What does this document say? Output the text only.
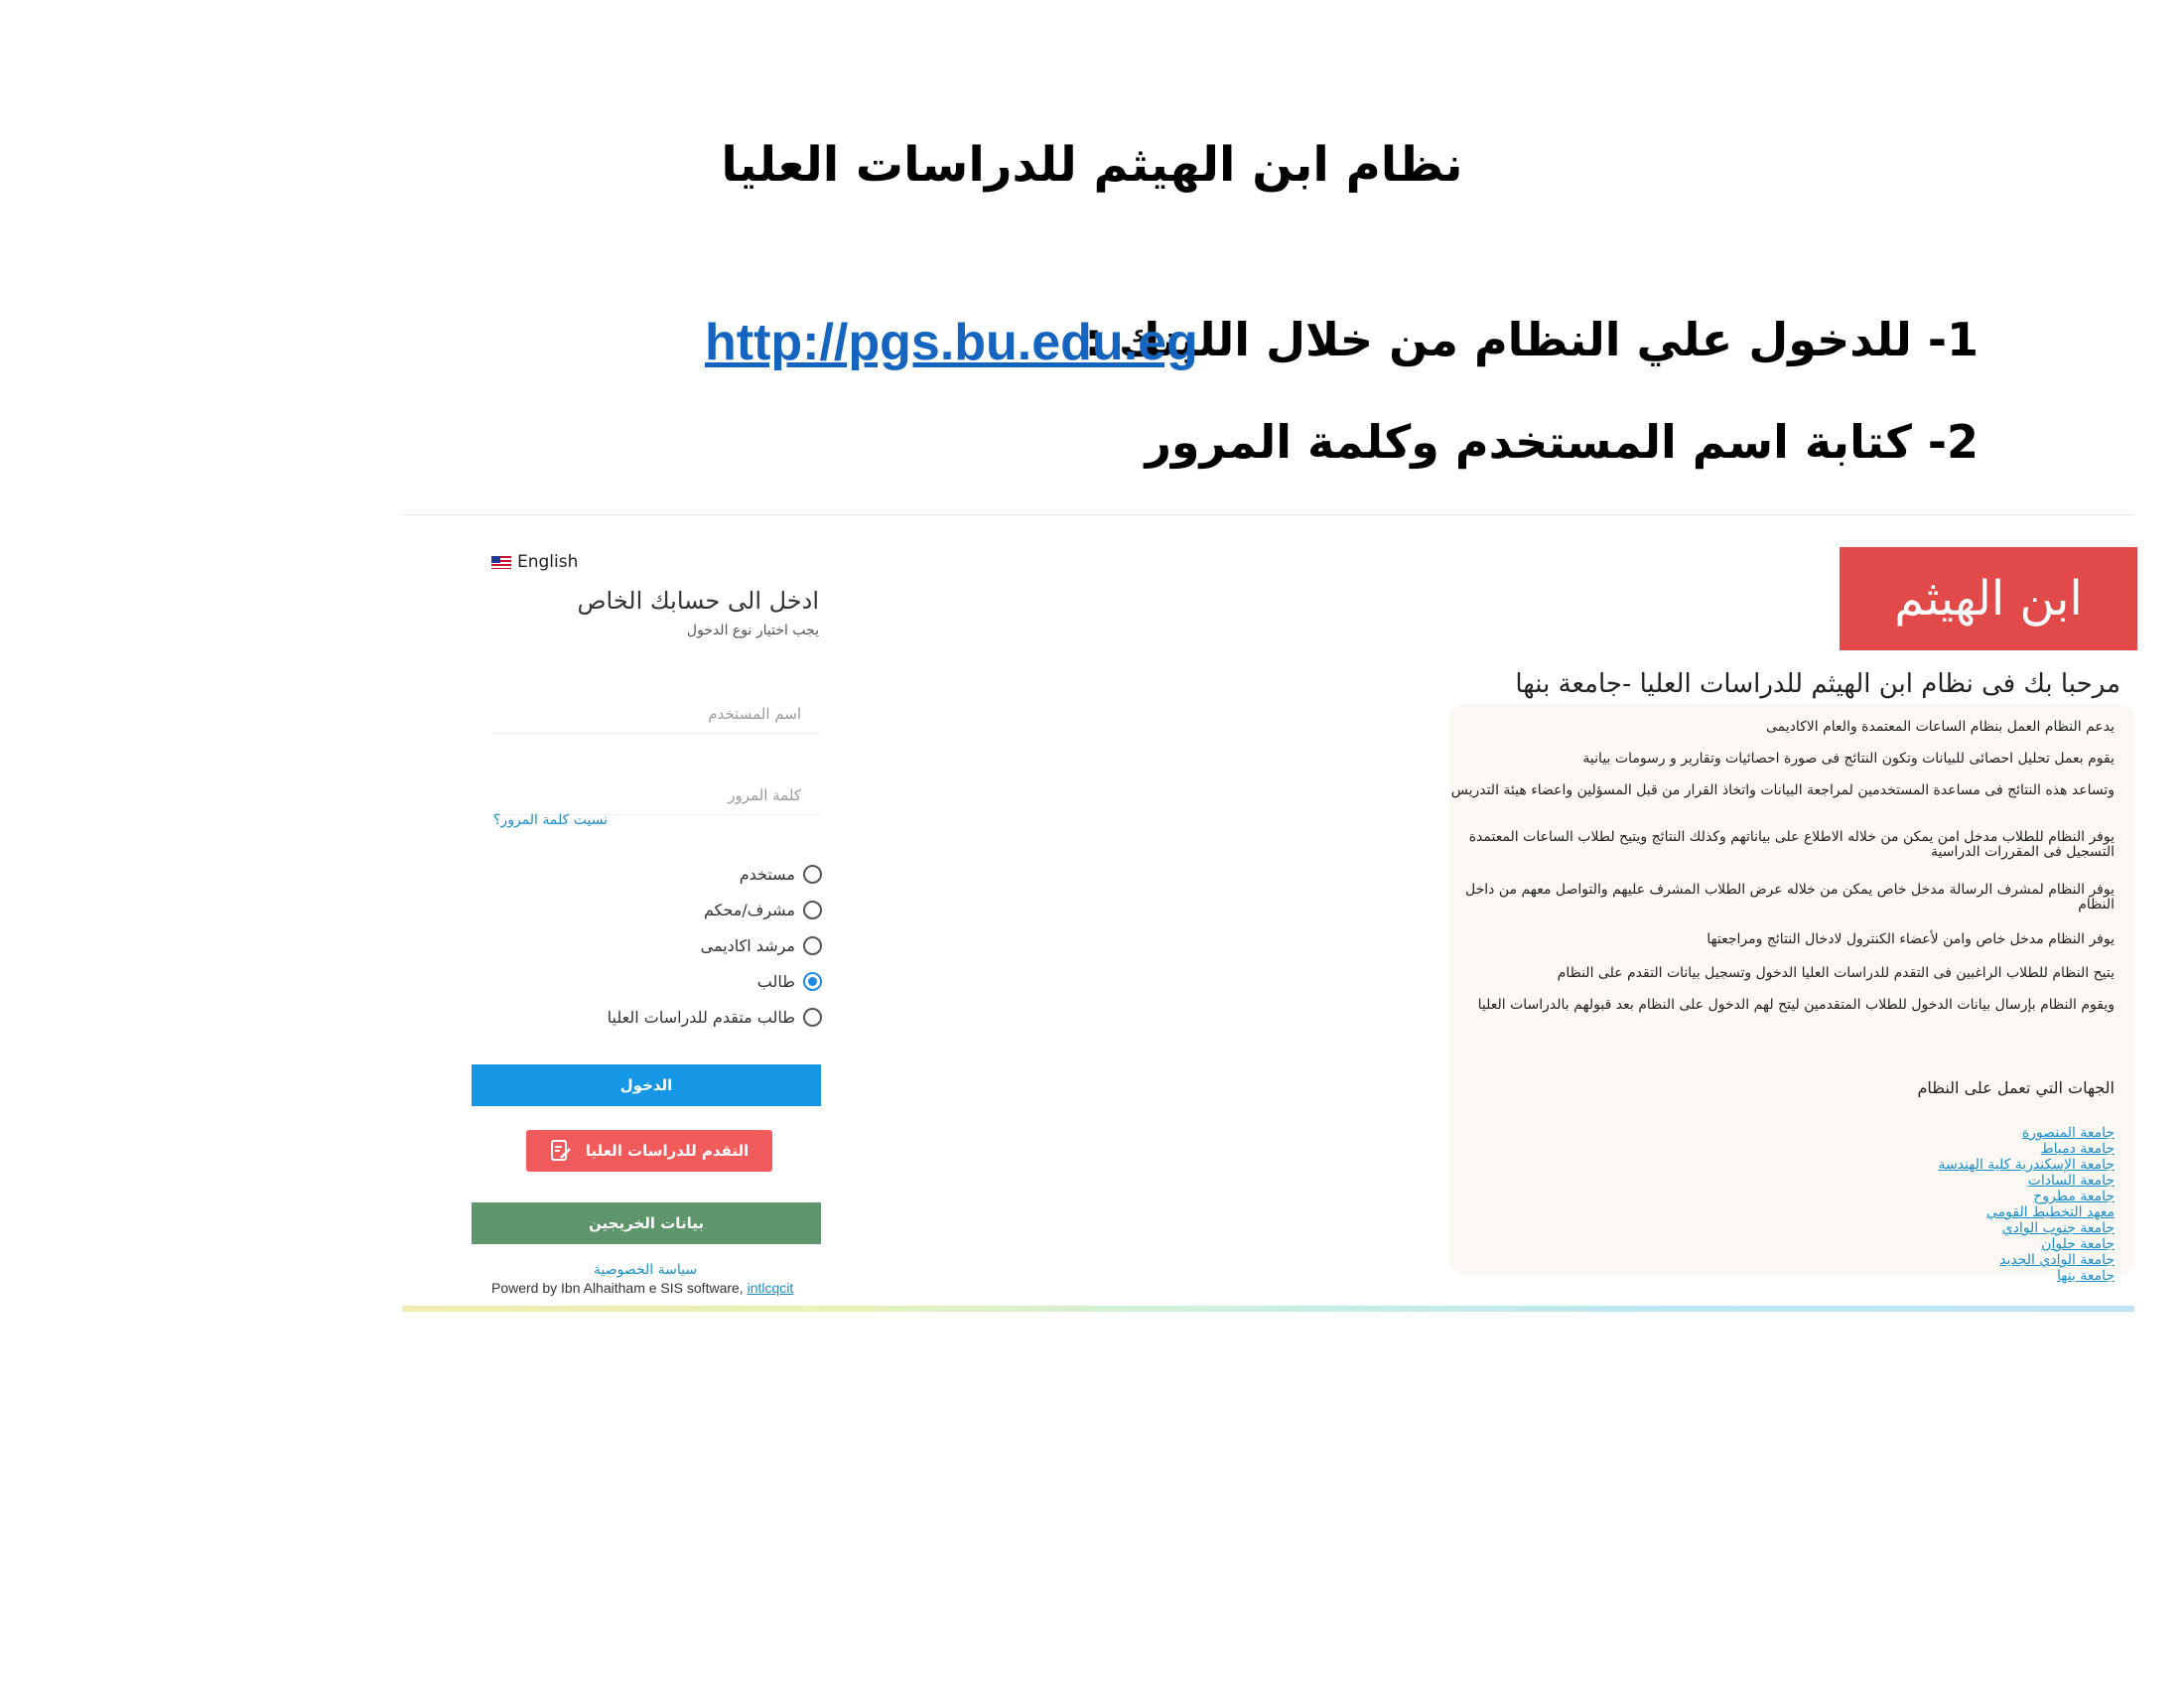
نظام ابن الهيثم للدراسات العليا
1- للدخول علي النظام من خلال اللينك :
http://pgs.bu.edu.eg
2- كتابة اسم المستخدم وكلمة المرور
English
ادخل الى حسابك الخاص
يجب اختيار نوع الدخول
اسم المستخدم
نسيت كلمة المرور؟
مستخدم
مشرف/محكم
مرشد اكاديمى
طالب
طالب متقدم للدراسات العليا
الدخول
التقدم للدراسات العليا
بيانات الخريجين
سياسة الخصوصية
Powerd by Ibn Alhaitham e SIS software, intlcqcit
ابن الهيثم
مرحبا بك فى نظام ابن الهيثم للدراسات العليا -جامعة بنها
يدعم النظام العمل بنظام الساعات المعتمدة والعام الاكاديمى
يقوم بعمل تحليل احصائى للبيانات وتكون النتائج فى صورة احصائيات وتقارير و رسومات بيانية
وتساعد هذه النتائج فى مساعدة المستخدمين لمراجعة البيانات واتخاذ القرار من قبل المسؤلين واعضاء هيئة التدريس
يوفر النظام للطلاب مدخل امن يمكن من خلاله الاطلاع على بياناتهم وكذلك النتائج ويتيح لطلاب الساعات المعتمدة التسجيل فى المقررات الدراسية
يوفر النظام لمشرف الرسالة مدخل خاص يمكن من خلاله عرض الطلاب المشرف عليهم والتواصل معهم من داخل النظام
يوفر النظام مدخل خاص وامن لأعضاء الكنترول لادخال النتائج ومراجعتها
يتيح النظام للطلاب الراغبين فى التقدم للدراسات العليا الدخول وتسجيل بيانات التقدم على النظام
ويقوم النظام بإرسال بيانات الدخول للطلاب المتقدمين ليتح لهم الدخول على النظام بعد قبولهم بالدراسات العليا
الجهات التي تعمل على النظام
جامعة المنصورة
جامعة دمياط
جامعة الإسكندرية كلية الهندسة
جامعة السادات
جامعة مطروح
معهد التخطيط القومي
جامعة جنوب الوادي
جامعة حلوان
جامعة الوادي الجديد
جامعة بنها
